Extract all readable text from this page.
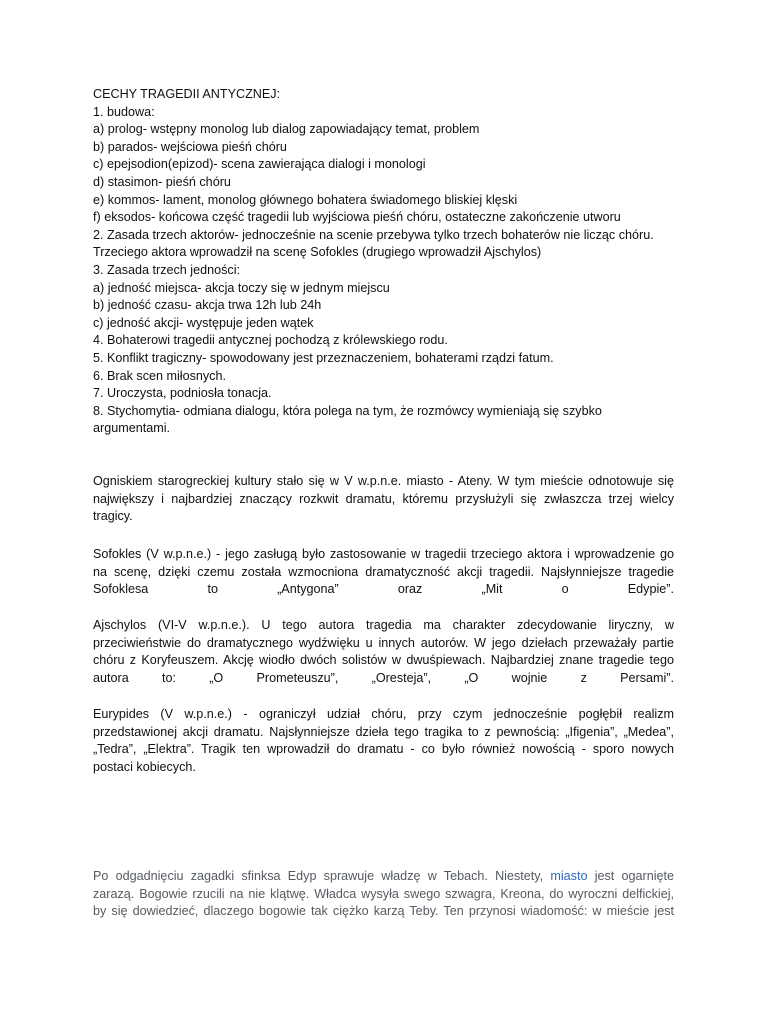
CECHY TRAGEDII ANTYCZNEJ:
1. budowa:
a) prolog- wstępny monolog lub dialog zapowiadający temat, problem
b) parados- wejściowa pieśń chóru
c) epejsodion(epizod)- scena zawierająca dialogi i monologi
d) stasimon- pieśń chóru
e) kommos- lament, monolog głównego bohatera świadomego bliskiej klęski
f) eksodos- końcowa część tragedii lub wyjściowa pieśń chóru, ostateczne zakończenie utworu
2. Zasada trzech aktorów- jednocześnie na scenie przebywa tylko trzech bohaterów nie licząc chóru.
Trzeciego aktora wprowadził na scenę Sofokles (drugiego wprowadził Ajschylos)
3. Zasada trzech jedności:
a) jedność miejsca- akcja toczy się w jednym miejscu
b) jedność czasu- akcja trwa 12h lub 24h
c) jedność akcji- występuje jeden wątek
4. Bohaterowi tragedii antycznej pochodzą z królewskiego rodu.
5. Konflikt tragiczny- spowodowany jest przeznaczeniem, bohaterami rządzi fatum.
6. Brak scen miłosnych.
7. Uroczysta, podniosła tonacja.
8. Stychomytia- odmiana dialogu, która polega na tym, że rozmówcy wymieniają się szybko
argumentami.
Ogniskiem starogreckiej kultury stało się w V w.p.n.e. miasto - Ateny. W tym mieście odnotowuje się
największy i najbardziej znaczący rozkwit dramatu, któremu przysłużyli się zwłaszcza trzej wielcy
tragicy.
Sofokles (V w.p.n.e.) - jego zasługą było zastosowanie w tragedii trzeciego aktora i wprowadzenie go
na scenę, dzięki czemu została wzmocniona dramatyczność akcji tragedii. Najsłynniejsze tragedie
Sofoklesa	to	„Antygona”	oraz	„Mit	o	Edypie”.
Ajschylos (VI-V w.p.n.e.). U tego autora tragedia ma charakter zdecydowanie liryczny, w
przeciwieństwie do dramatycznego wydźwięku u innych autorów. W jego dziełach przeważały partie
chóru z Koryfeuszem. Akcję wiodło dwóch solistów w dwuśpiewach. Najbardziej znane tragedie tego
autora	to:	„O	Prometeuszu”,	„Oresteja”,	„O	wojnie	z	Persami”.
Eurypides (V w.p.n.e.) - ograniczył udział chóru, przy czym jednocześnie pogłębił realizm
przedstawionej akcji dramatu. Najsłynniejsze dzieła tego tragika to z pewnością: „Ifigenia”, „Medea”,
„Tedra”, „Elektra”. Tragik ten wprowadził do dramatu - co było również nowością - sporo nowych
postaci kobiecych.
Po odgadnięciu zagadki sfinksa Edyp sprawuje władzę w Tebach. Niestety, miasto jest ogarnięte
zarazą. Bogowie rzucili na nie klątwę. Władca wysyła swego szwagra, Kreona, do wyroczni delfickiej,
by się dowiedzieć, dlaczego bogowie tak ciężko karzą Teby. Ten przynosi wiadomość: w mieście jest
